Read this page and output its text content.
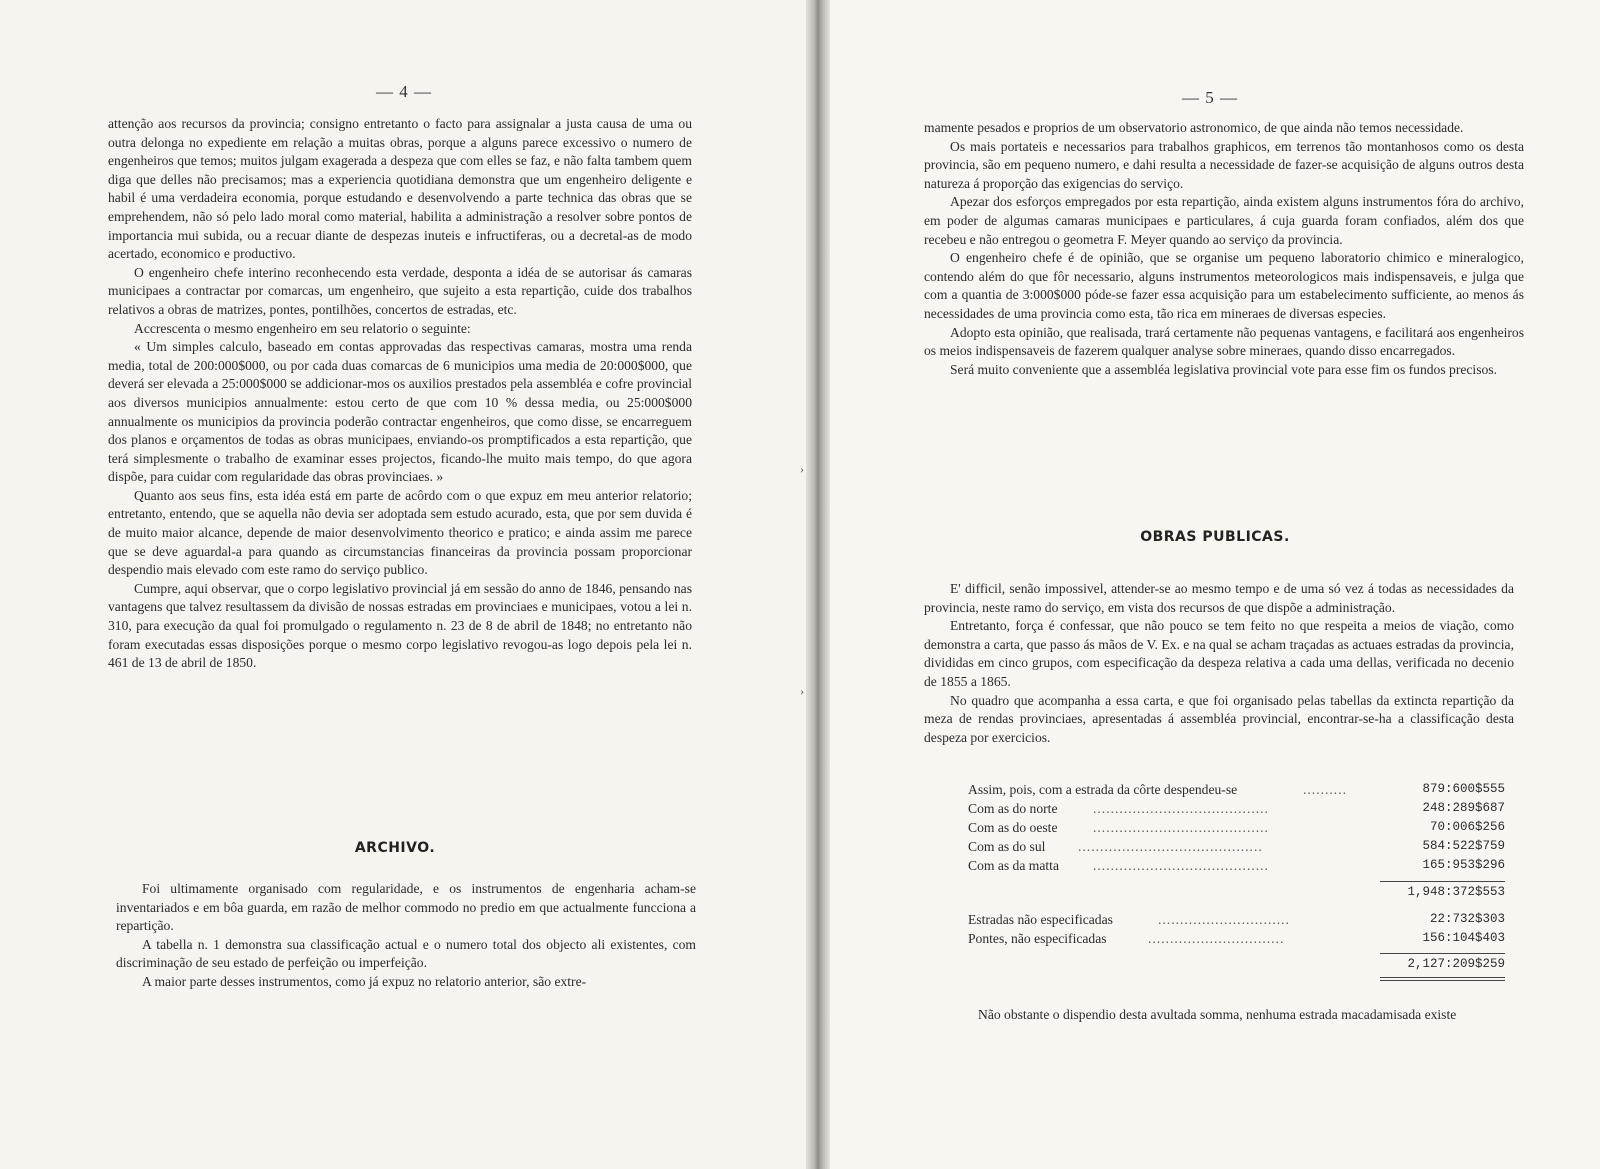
›
›
— 4 —

attenção aos recursos da provincia; consigno entretanto o facto para assignalar a justa causa de uma ou outra delonga no expediente em relação a muitas obras, porque a alguns parece excessivo o numero de engenheiros que temos; muitos julgam exagerada a despeza que com elles se faz, e não falta tambem quem diga que delles não precisamos; mas a experiencia quotidiana demonstra que um engenheiro deligente e habil é uma verdadeira economia, porque estudando e desenvolvendo a parte technica das obras que se emprehendem, não só pelo lado moral como material, habilita a administração a resolver sobre pontos de importancia mui subida, ou a recuar diante de despezas inuteis e infructiferas, ou a decretal-as de modo acertado, economico e productivo.

O engenheiro chefe interino reconhecendo esta verdade, desponta a idéa de se autorisar ás camaras municipaes a contractar por comarcas, um engenheiro, que sujeito a esta repartição, cuide dos trabalhos relativos a obras de matrizes, pontes, pontilhões, concertos de estradas, etc.

Accrescenta o mesmo engenheiro em seu relatorio o seguinte:

« Um simples calculo, baseado em contas approvadas das respectivas camaras, mostra uma renda media, total de 200:000$000, ou por cada duas comarcas de 6 municipios uma media de 20:000$000, que deverá ser elevada a 25:000$000 se addicionar-mos os auxilios prestados pela assembléa e cofre provincial aos diversos municipios annualmente: estou certo de que com 10 % dessa media, ou 25:000$000 annualmente os municipios da provincia poderão contractar engenheiros, que como disse, se encarreguem dos planos e orçamentos de todas as obras municipaes, enviando-os promptificados a esta repartição, que terá simplesmente o trabalho de examinar esses projectos, ficando-lhe muito mais tempo, do que agora dispõe, para cuidar com regularidade das obras provinciaes. »

Quanto aos seus fins, esta idéa está em parte de acôrdo com o que expuz em meu anterior relatorio; entretanto, entendo, que se aquella não devia ser adoptada sem estudo acurado, esta, que por sem duvida é de muito maior alcance, depende de maior desenvolvimento theorico e pratico; e ainda assim me parece que se deve aguardal-a para quando as circumstancias financeiras da provincia possam proporcionar despendio mais elevado com este ramo do serviço publico.

Cumpre, aqui observar, que o corpo legislativo provincial já em sessão do anno de 1846, pensando nas vantagens que talvez resultassem da divisão de nossas estradas em provinciaes e municipaes, votou a lei n. 310, para execução da qual foi promulgado o regulamento n. 23 de 8 de abril de 1848; no entretanto não foram executadas essas disposições porque o mesmo corpo legislativo revogou-as logo depois pela lei n. 461 de 13 de abril de 1850.

ARCHIVO.

Foi ultimamente organisado com regularidade, e os instrumentos de engenharia acham-se inventariados e em bôa guarda, em razão de melhor commodo no predio em que actualmente funcciona a repartição.

A tabella n. 1 demonstra sua classificação actual e o numero total dos objecto ali existentes, com discriminação de seu estado de perfeição ou imperfeição.

A maior parte desses instrumentos, como já expuz no relatorio anterior, são extre-

— 5 —

mamente pesados e proprios de um observatorio astronomico, de que ainda não temos necessidade.

Os mais portateis e necessarios para trabalhos graphicos, em terrenos tão montanhosos como os desta provincia, são em pequeno numero, e dahi resulta a necessidade de fazer-se acquisição de alguns outros desta natureza á proporção das exigencias do serviço.

Apezar dos esforços empregados por esta repartição, ainda existem alguns instrumentos fóra do archivo, em poder de algumas camaras municipaes e particulares, á cuja guarda foram confiados, além dos que recebeu e não entregou o geometra F. Meyer quando ao serviço da provincia.

O engenheiro chefe é de opinião, que se organise um pequeno laboratorio chimico e mineralogico, contendo além do que fôr necessario, alguns instrumentos meteorologicos mais indispensaveis, e julga que com a quantia de 3:000$000 póde-se fazer essa acquisição para um estabelecimento sufficiente, ao menos ás necessidades de uma provincia como esta, tão rica em mineraes de diversas especies.

Adopto esta opinião, que realisada, trará certamente não pequenas vantagens, e facilitará aos engenheiros os meios indispensaveis de fazerem qualquer analyse sobre mineraes, quando disso encarregados.

Será muito conveniente que a assembléa legislativa provincial vote para esse fim os fundos precisos.

OBRAS PUBLICAS.

E' difficil, senão impossivel, attender-se ao mesmo tempo e de uma só vez á todas as necessidades da provincia, neste ramo do serviço, em vista dos recursos de que dispõe a administração.

Entretanto, força é confessar, que não pouco se tem feito no que respeita a meios de viação, como demonstra a carta, que passo ás mãos de V. Ex. e na qual se acham traçadas as actuaes estradas da provincia, divididas em cinco grupos, com especificação da despeza relativa a cada uma dellas, verificada no decenio de 1855 a 1865.

No quadro que acompanha a essa carta, e que foi organisado pelas tabellas da extincta repartição da meza de rendas provinciaes, apresentadas á assembléa provincial, encontrar-se-ha a classificação desta despeza por exercicios.

Assim, pois, com a estrada da côrte despendeu-se	..........	879:600$555
Com as do norte	........................................	248:289$687
Com as do oeste	........................................	70:006$256
Com as do sul ..........................................	584:522$759
Com as da matta	........................................	165:953$296
1,948:372$553
Estradas não especificadas	..............................	22:732$303
Pontes, não especificadas	...............................	156:104$403
2,127:209$259
Não obstante o dispendio desta avultada somma, nenhuma estrada macadamisada existe
